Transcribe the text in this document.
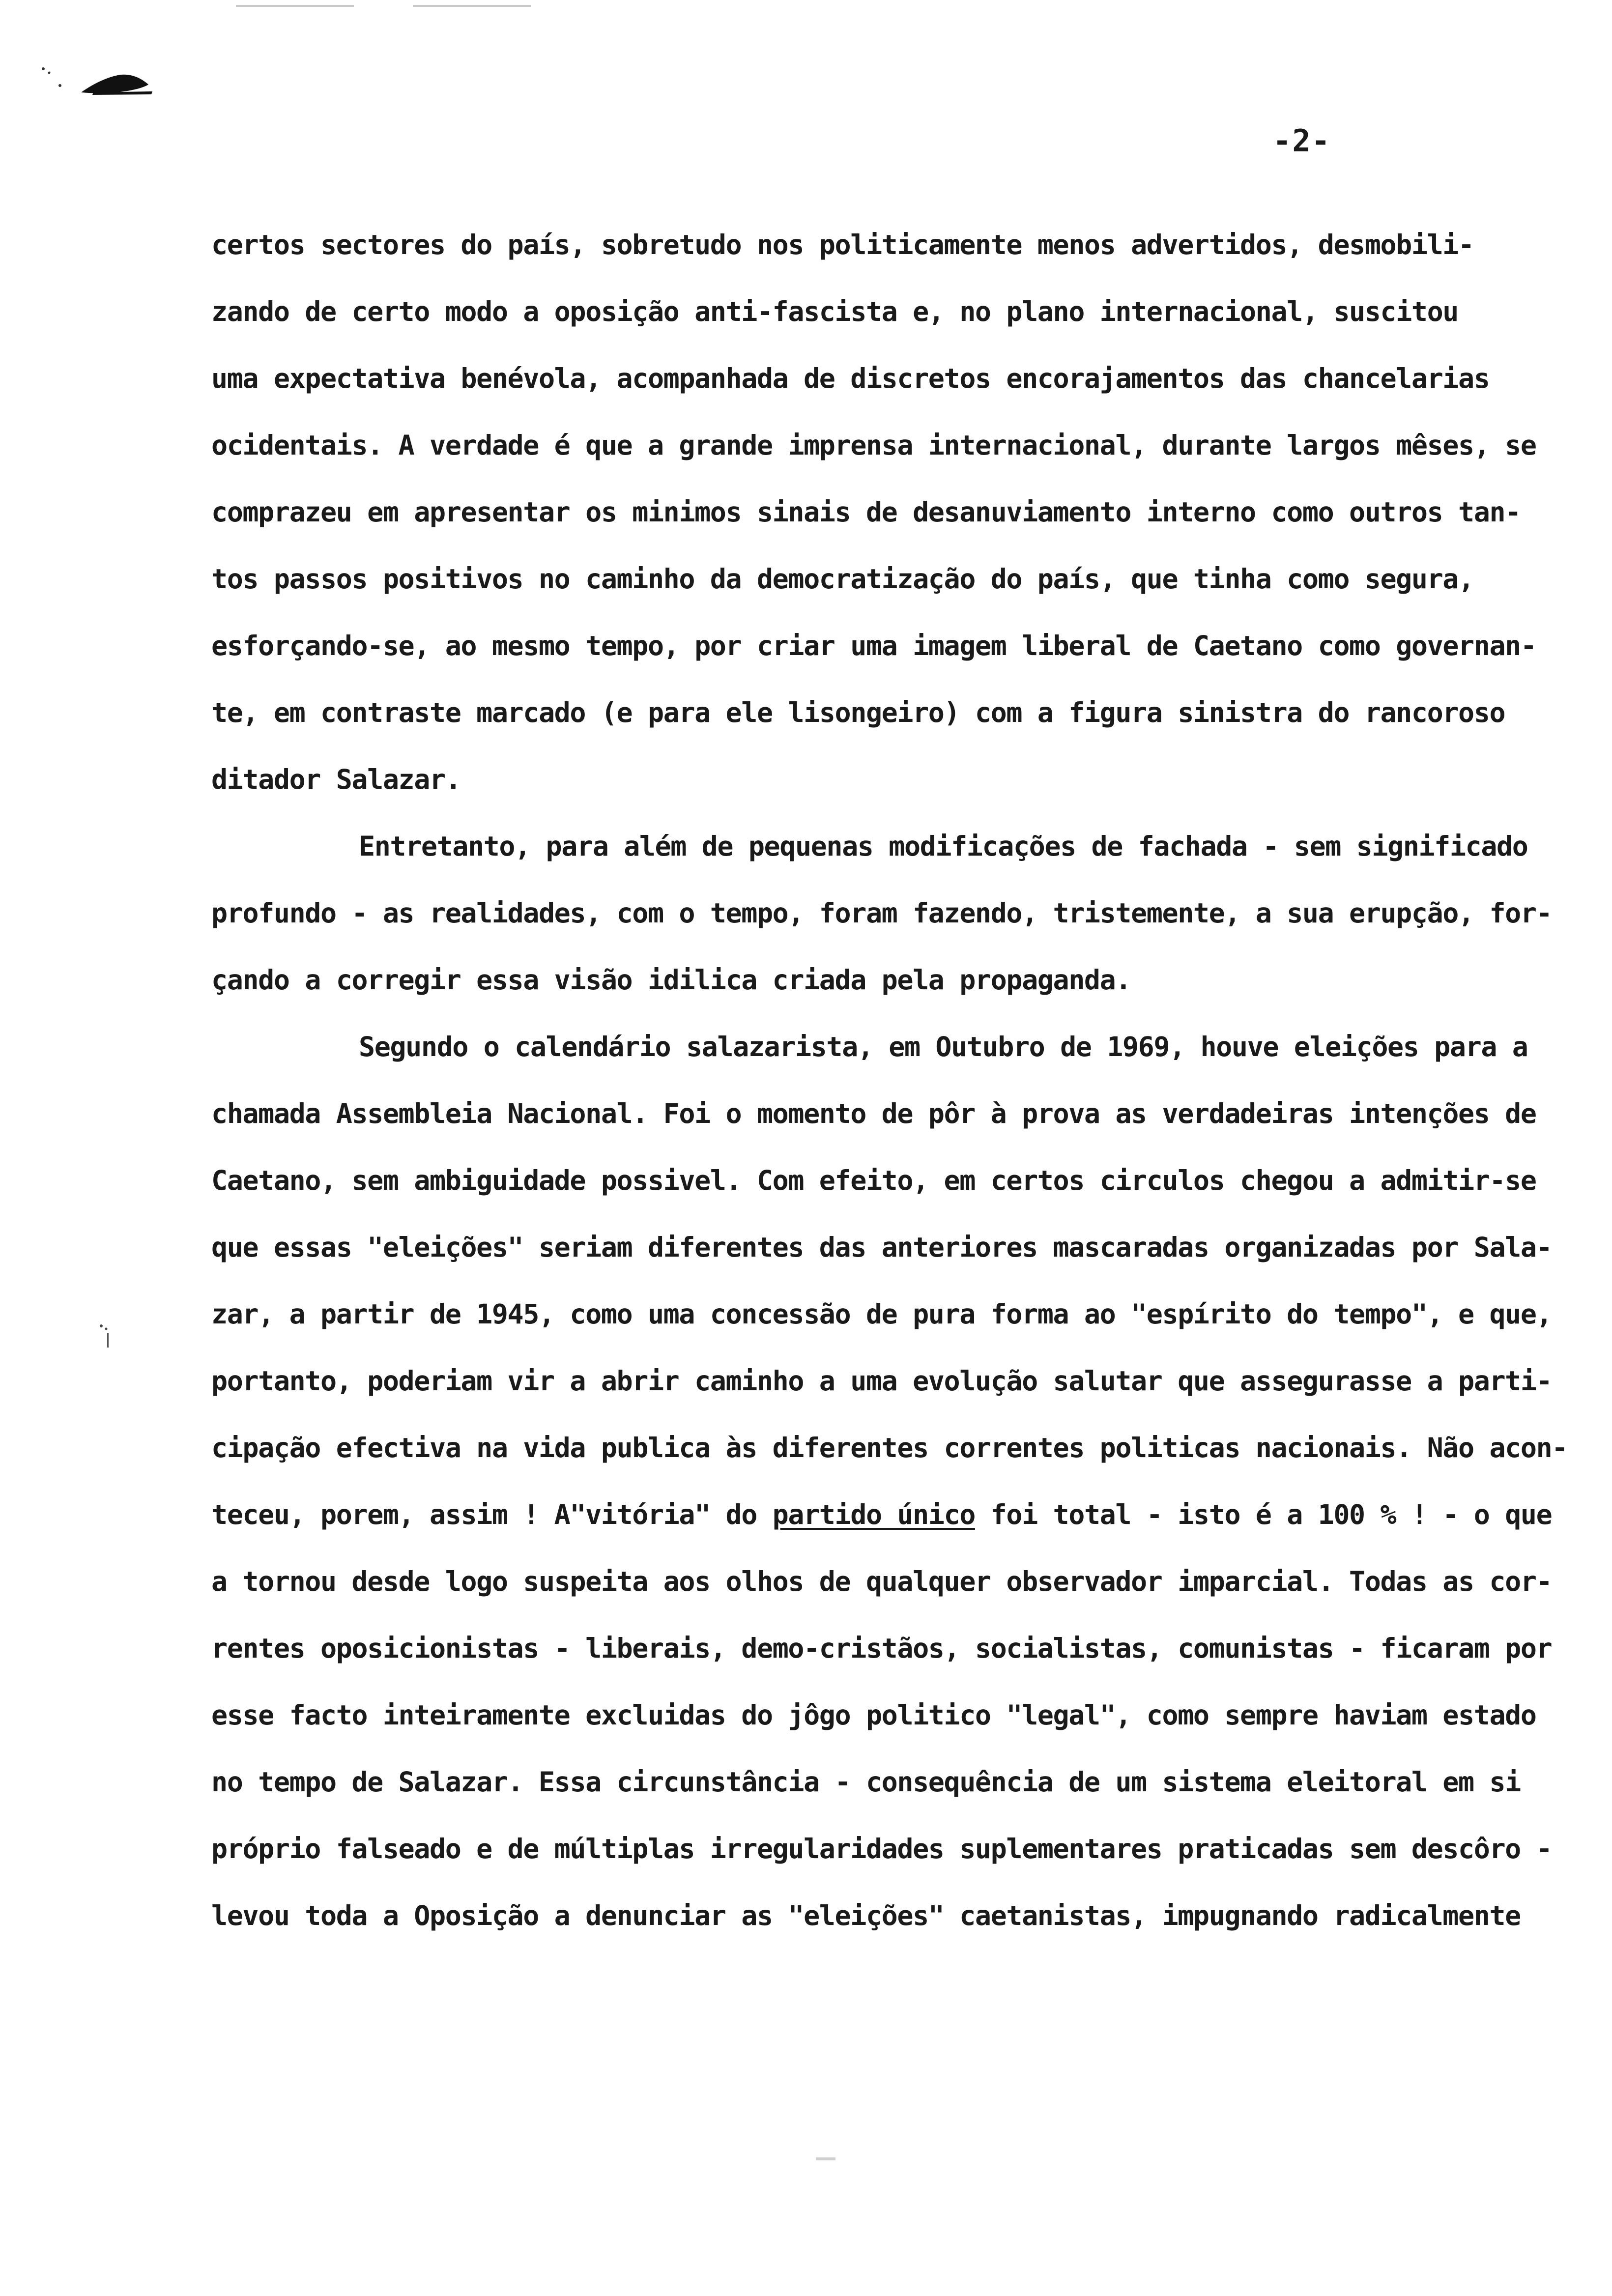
-2-
certos sectores do país, sobretudo nos politicamente menos advertidos, desmobili-
zando de certo modo a oposição anti-fascista e, no plano internacional, suscitou
uma expectativa benévola, acompanhada de discretos encorajamentos das chancelarias
ocidentais. A verdade é que a grande imprensa internacional, durante largos mêses, se
comprazeu em apresentar os minimos sinais de desanuviamento interno como outros tan-
tos passos positivos no caminho da democratização do país, que tinha como segura,
esforçando-se, ao mesmo tempo, por criar uma imagem liberal de Caetano como governan-
te, em contraste marcado (e para ele lisongeiro) com a figura sinistra do rancoroso
ditador Salazar.
Entretanto, para além de pequenas modificações de fachada - sem significado
profundo - as realidades, com o tempo, foram fazendo, tristemente, a sua erupção, for-
çando a corregir essa visão idilica criada pela propaganda.
Segundo o calendário salazarista, em Outubro de 1969, houve eleições para a
chamada Assembleia Nacional. Foi o momento de pôr à prova as verdadeiras intenções de
Caetano, sem ambiguidade possivel. Com efeito, em certos circulos chegou a admitir-se
que essas "eleições" seriam diferentes das anteriores mascaradas organizadas por Sala-
zar, a partir de 1945, como uma concessão de pura forma ao "espírito do tempo", e que,
portanto, poderiam vir a abrir caminho a uma evolução salutar que assegurasse a parti-
cipação efectiva na vida publica às diferentes correntes politicas nacionais. Não acon-
teceu, porem, assim ! A"vitória" do partido único foi total - isto é a 100 % ! - o que
a tornou desde logo suspeita aos olhos de qualquer observador imparcial. Todas as cor-
rentes oposicionistas - liberais, demo-cristãos, socialistas, comunistas - ficaram por
esse facto inteiramente excluidas do jôgo politico "legal", como sempre haviam estado
no tempo de Salazar. Essa circunstância - consequência de um sistema eleitoral em si
próprio falseado e de múltiplas irregularidades suplementares praticadas sem descôro -
levou toda a Oposição a denunciar as "eleições" caetanistas, impugnando radicalmente
